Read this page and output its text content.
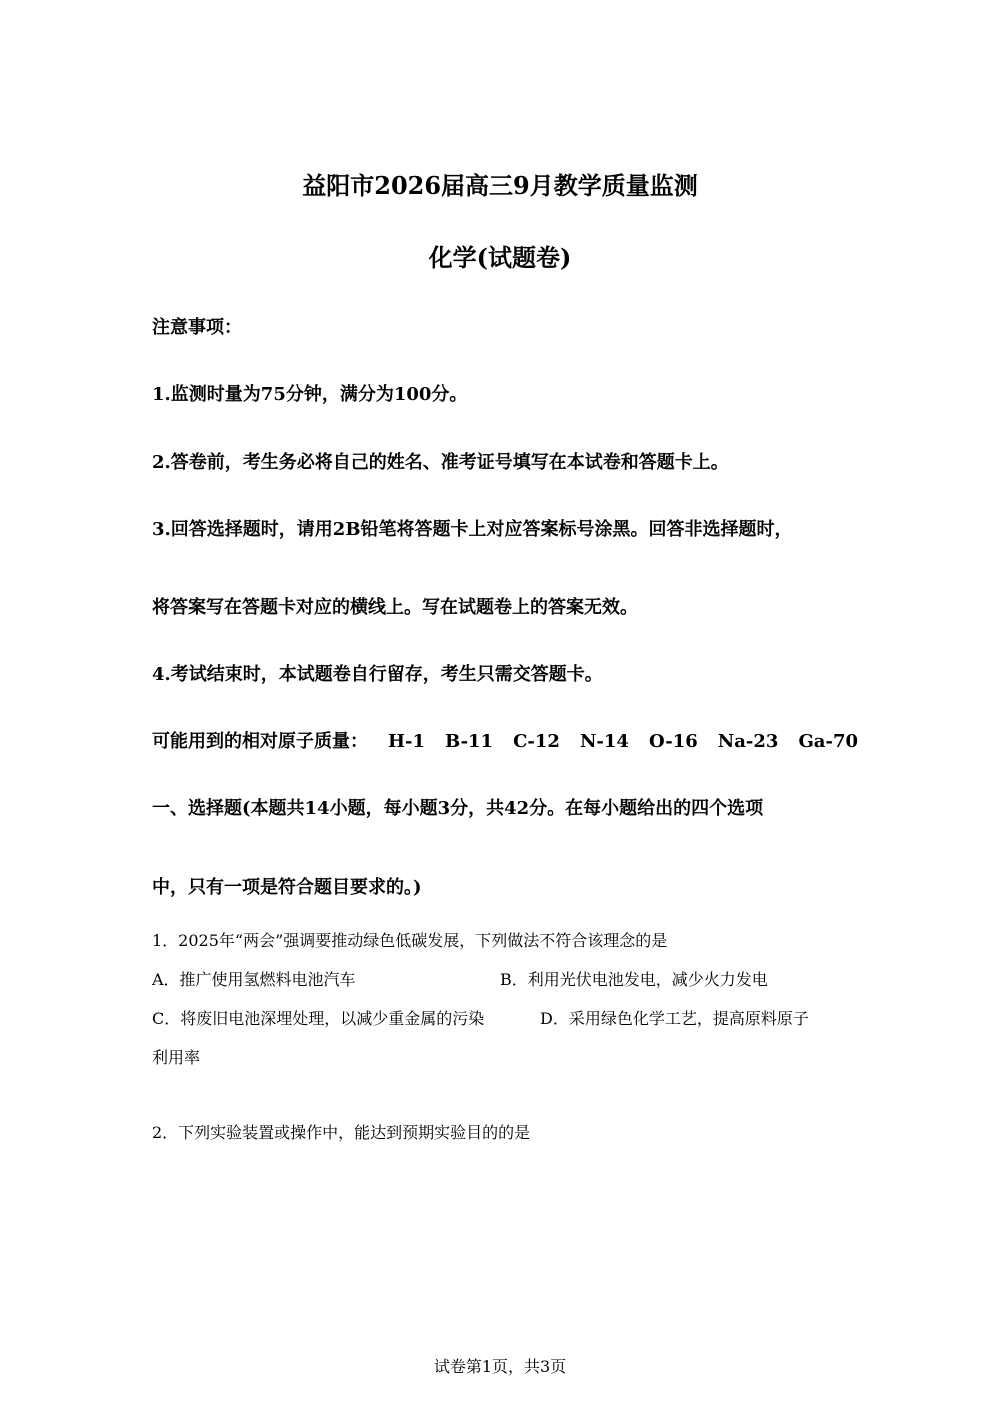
益阳市2026届高三9月教学质量监测
化学(试题卷)
注意事项：
1.监测时量为75分钟，满分为100分。
2.答卷前，考生务必将自己的姓名、准考证号填写在本试卷和答题卡上。
3.回答选择题时，请用2B铅笔将答题卡上对应答案标号涂黑。回答非选择题时，
将答案写在答题卡对应的横线上。写在试题卷上的答案无效。
4.考试结束时，本试题卷自行留存，考生只需交答题卡。
可能用到的相对原子质量： H-1 B-11 C-12 N-14 O-16 Na-23 Ga-70
一、选择题(本题共14小题，每小题3分，共42分。在每小题给出的四个选项
中，只有一项是符合题目要求的。)
1．2025年“两会”强调要推动绿色低碳发展，下列做法不符合该理念的是
A．推广使用氢燃料电池汽车	B．利用光伏电池发电，减少火力发电
C．将废旧电池深埋处理，以减少重金属的污染	D．采用绿色化学工艺，提高原料原子
利用率
2．下列实验装置或操作中，能达到预期实验目的的是
试卷第1页，共3页
